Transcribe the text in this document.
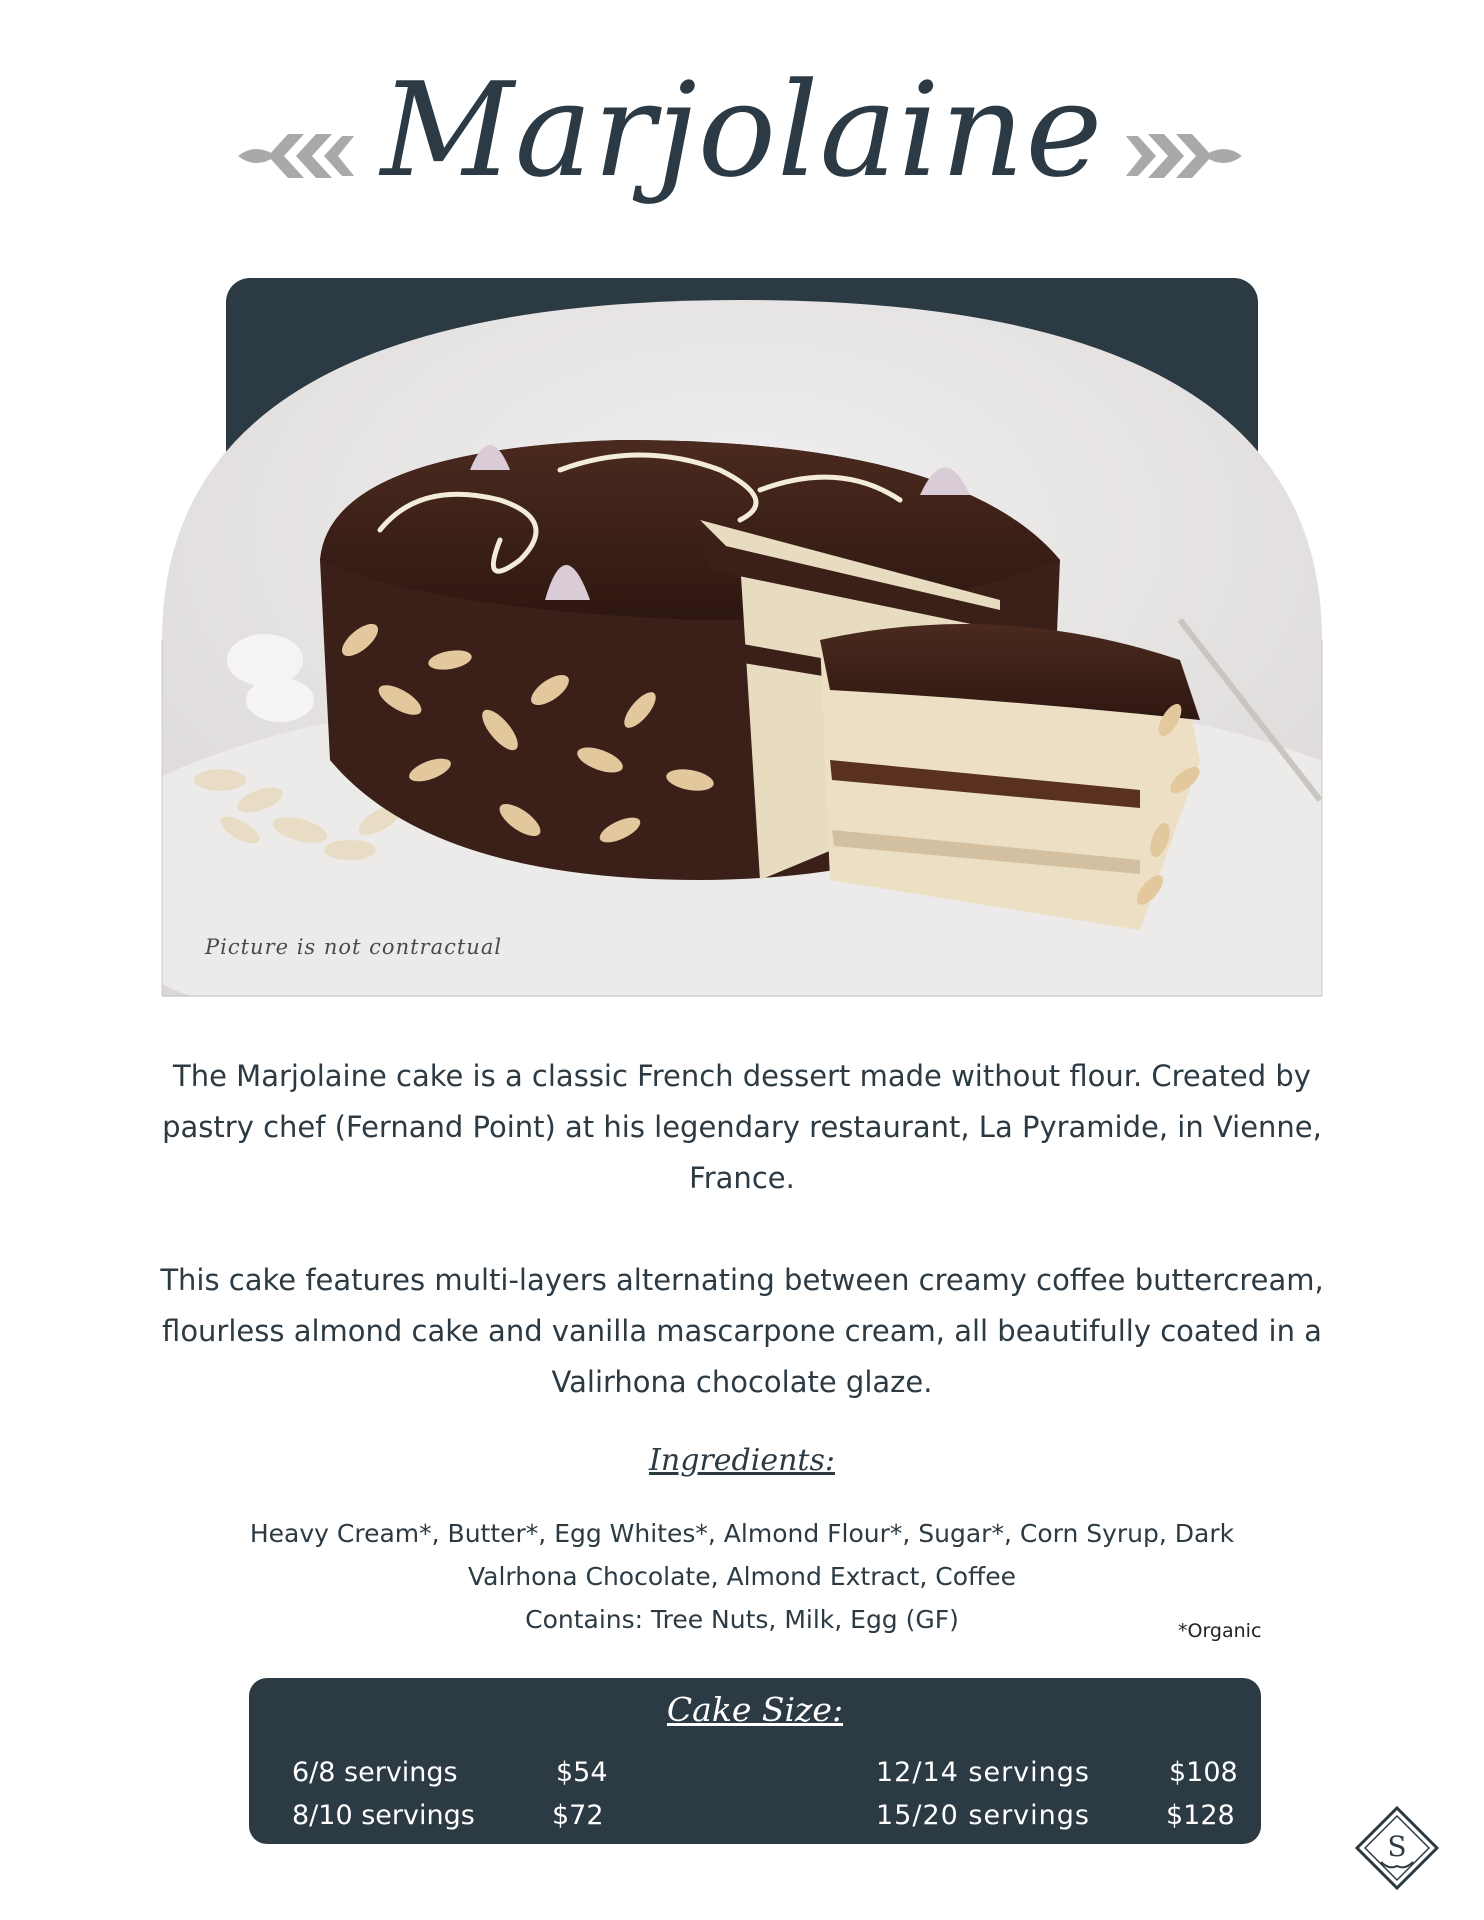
Marjolaine
Picture is not contractual
The Marjolaine cake is a classic French dessert made without flour. Created by pastry chef (Fernand Point) at his legendary restaurant, La Pyramide, in Vienne, France.
This cake features multi-layers alternating between creamy coffee buttercream, flourless almond cake and vanilla mascarpone cream, all beautifully coated in a Valirhona chocolate glaze.
Ingredients:
Heavy Cream*, Butter*, Egg Whites*, Almond Flour*, Sugar*, Corn Syrup, Dark Valrhona Chocolate, Almond Extract, Coffee
Contains: Tree Nuts, Milk, Egg (GF)	*Organic
Cake Size:
6/8 servings	$54
8/10 servings	$72
12/14 servings	$108
15/20 servings	$128
S
